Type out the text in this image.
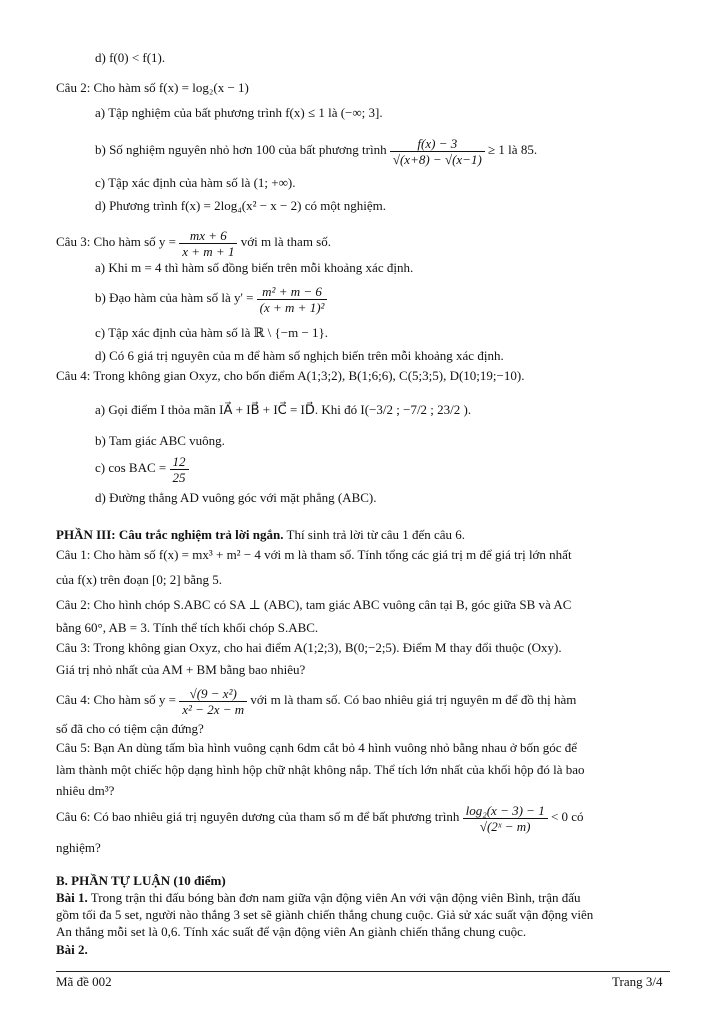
d) f(0) < f(1).
Câu 2: Cho hàm số f(x) = log₂(x − 1)
a) Tập nghiệm của bất phương trình f(x) ≤ 1 là (−∞; 3].
b) Số nghiệm nguyên nhỏ hơn 100 của bất phương trình $\frac{f(x) - 3}{√(x+8) - √(x-1)} \ge 1$ là 85.
c) Tập xác định của hàm số là (1; +∞).
d) Phương trình f(x) = 2log₄(x² − x − 2) có một nghiệm.
Câu 3: Cho hàm số $y = \frac{mx + 6}{x + m + 1}$ với m là tham số.
a) Khi m = 4 thì hàm số đồng biến trên mỗi khoảng xác định.
b) Đạo hàm của hàm số là $y' = \frac{\text{m² + m − 6}}{\text{(x + m + 1)²}}$
c) Tập xác định của hàm số là ℝ \ {−m − 1}.
d) Có 6 giá trị nguyên của m để hàm số nghịch biến trên mỗi khoảng xác định.
Câu 4: Trong không gian Oxyz, cho bốn điểm A(1;3;2), B(1;6;6), C(5;3;5), D(10;19;−10).
a) Gọi điểm I thỏa mãn IA⃗ + IB⃗ + IC⃗ = ID⃗. Khi đó I(−3/2 ; −7/2 ; 23/2 ).
b) Tam giác ABC vuông.
c) cos BAC = $\frac{12}{25}$
d) Đường thẳng AD vuông góc với mặt phẳng (ABC).
PHẦN III: Câu trắc nghiệm trả lời ngắn. Thí sinh trả lời từ câu 1 đến câu 6.
Câu 1: Cho hàm số f(x) = mx³ + m² − 4 với m là tham số. Tính tổng các giá trị m để giá trị lớn nhất
của f(x) trên đoạn [0; 2] bằng 5.
Câu 2: Cho hình chóp S.ABC có SA ⊥ (ABC), tam giác ABC vuông cân tại B, góc giữa SB và AC
bằng 60°, AB = 3. Tính thể tích khối chóp S.ABC.
Câu 3: Trong không gian Oxyz, cho hai điểm A(1;2;3), B(0;−2;5). Điểm M thay đổi thuộc (Oxy).
Giá trị nhỏ nhất của AM + BM bằng bao nhiêu?
Câu 4: Cho hàm số $y = \frac{\text{√(9 − x²)}}{\text{x² − 2x − m}}$ với m là tham số. Có bao nhiêu giá trị nguyên m để đồ thị hàm
số đã cho có tiệm cận đứng?
Câu 5: Bạn An dùng tấm bìa hình vuông cạnh 6dm cắt bỏ 4 hình vuông nhỏ bằng nhau ở bốn góc để
làm thành một chiếc hộp dạng hình hộp chữ nhật không nắp. Thể tích lớn nhất của khối hộp đó là bao
nhiêu dm³?
Câu 6: Có bao nhiêu giá trị nguyên dương của tham số m để bất phương trình $\frac{\text{log₂(x − 3) − 1}}{\text{√(2ˣ − m)}} < 0$ có
nghiệm?
B. PHẦN TỰ LUẬN (10 điểm)
Bài 1. Trong trận thi đấu bóng bàn đơn nam giữa vận động viên An với vận động viên Bình, trận đấu
gồm tối đa 5 set, người nào thắng 3 set sẽ giành chiến thắng chung cuộc. Giả sử xác suất vận động viên
An thắng mỗi set là 0,6. Tính xác suất để vận động viên An giành chiến thắng chung cuộc.
Bài 2.
Mã đề 002	Trang 3/4
